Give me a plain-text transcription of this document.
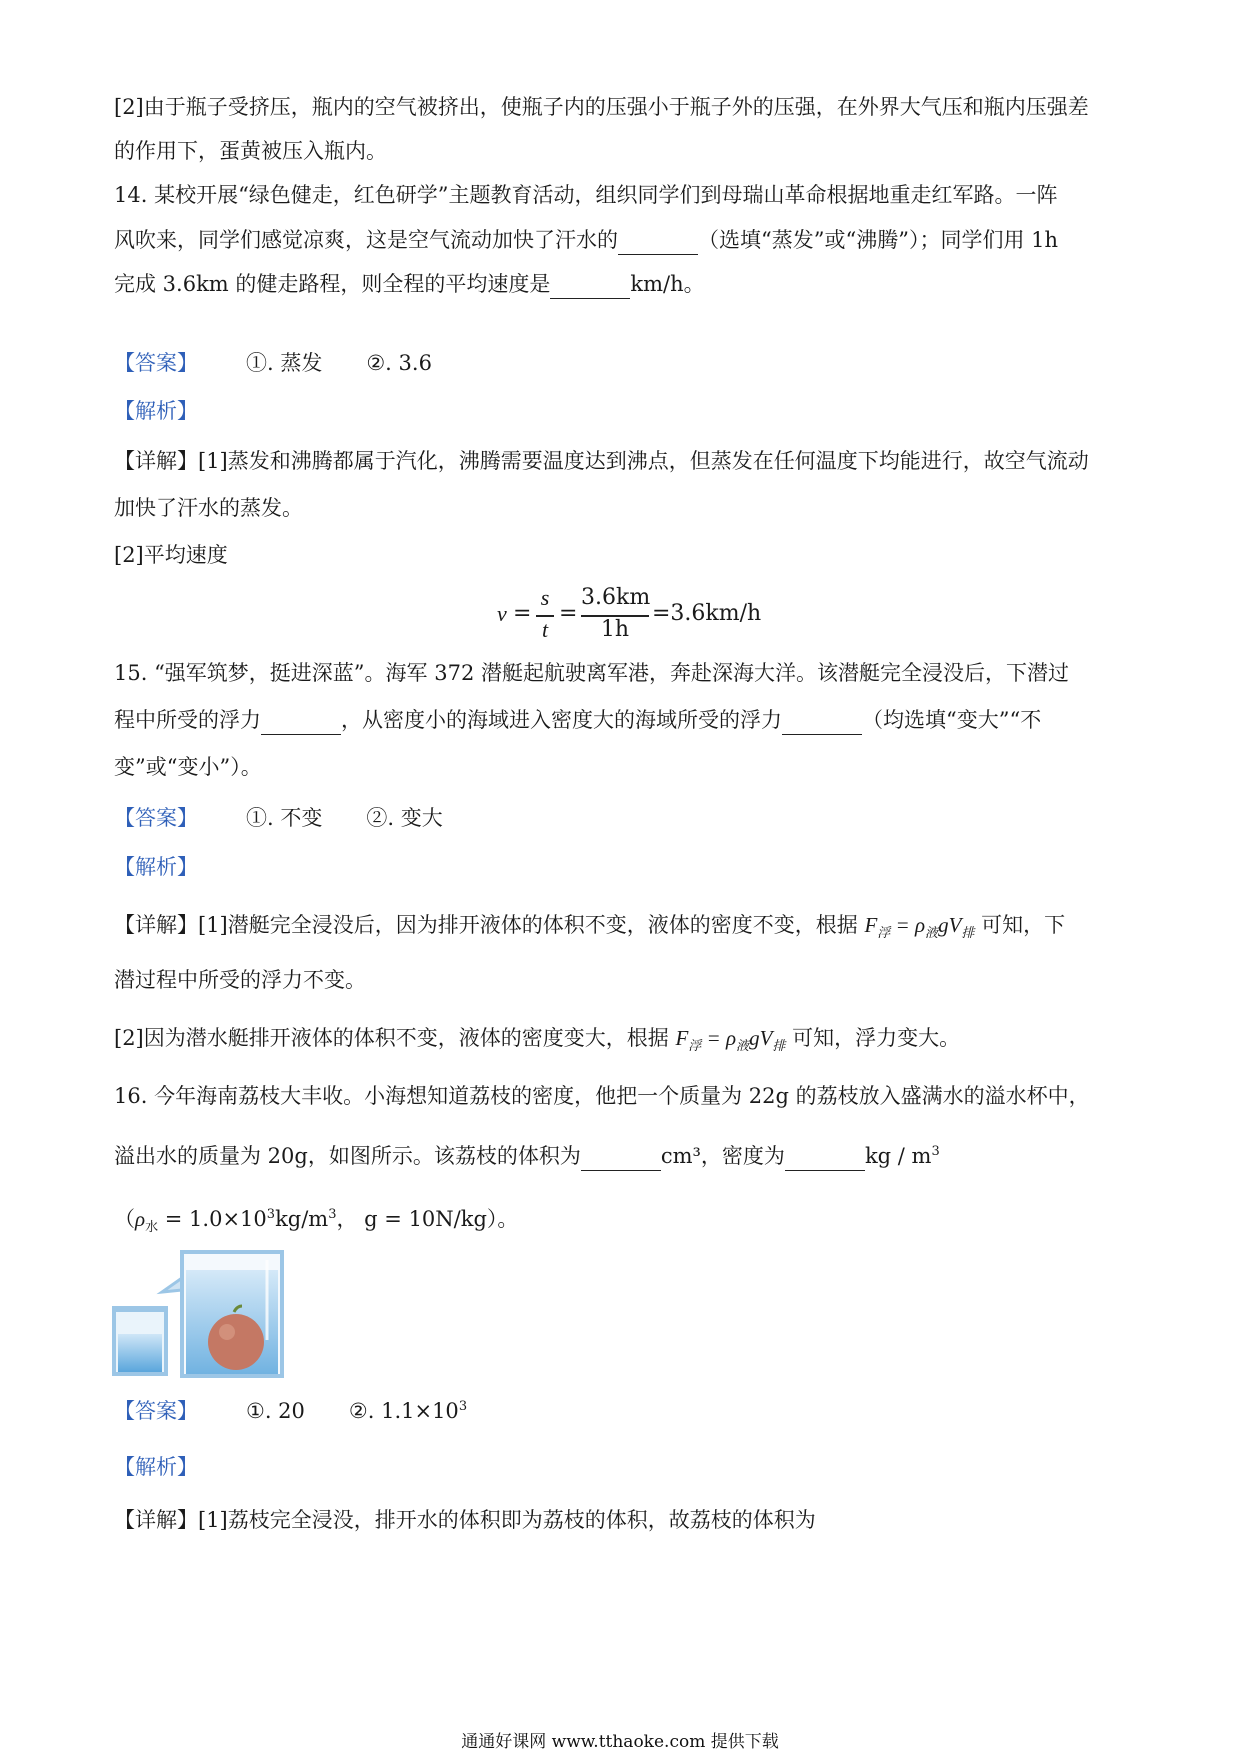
[2]由于瓶子受挤压，瓶内的空气被挤出，使瓶子内的压强小于瓶子外的压强，在外界大气压和瓶内压强差
的作用下，蛋黄被压入瓶内。
14. 某校开展“绿色健走，红色研学”主题教育活动，组织同学们到母瑞山革命根据地重走红军路。一阵
风吹来，同学们感觉凉爽，这是空气流动加快了汗水的	（选填“蒸发”或“沸腾”）；同学们用 1h
完成 3.6km 的健走路程，则全程的平均速度是	km/h。
【答案】 ①. 蒸发 ②. 3.6
【解析】
【详解】[1]蒸发和沸腾都属于汽化，沸腾需要温度达到沸点，但蒸发在任何温度下均能进行，故空气流动
加快了汗水的蒸发。
[2]平均速度
v =
s
t
=
3.6km
1h
=3.6km/h
15. “强军筑梦，挺进深蓝”。海军 372 潜艇起航驶离军港，奔赴深海大洋。该潜艇完全浸没后，下潜过
程中所受的浮力	，从密度小的海域进入密度大的海域所受的浮力	（均选填“变大”“不
变”或“变小”）。
【答案】 ①. 不变 ②. 变大
【解析】
【详解】[1]潜艇完全浸没后，因为排开液体的体积不变，液体的密度不变，根据 $F_浮 = \rho_液gV_排$ 可知，下
潜过程中所受的浮力不变。
[2]因为潜水艇排开液体的体积不变，液体的密度变大，根据 $F_浮 = \rho_液gV_排$ 可知，浮力变大。
16. 今年海南荔枝大丰收。小海想知道荔枝的密度，他把一个质量为 22g 的荔枝放入盛满水的溢水杯中，
溢出水的质量为 20g，如图所示。该荔枝的体积为	cm³，密度为	kg / $m^3$
（$\rho_水 = 1.0\times 10^3kg/m^3$， g = 10N/kg）。
【答案】 ①. 20 ②. $1.1\times 10^3$
【解析】
【详解】[1]荔枝完全浸没，排开水的体积即为荔枝的体积，故荔枝的体积为
通通好课网 www.tthaoke.com 提供下载
